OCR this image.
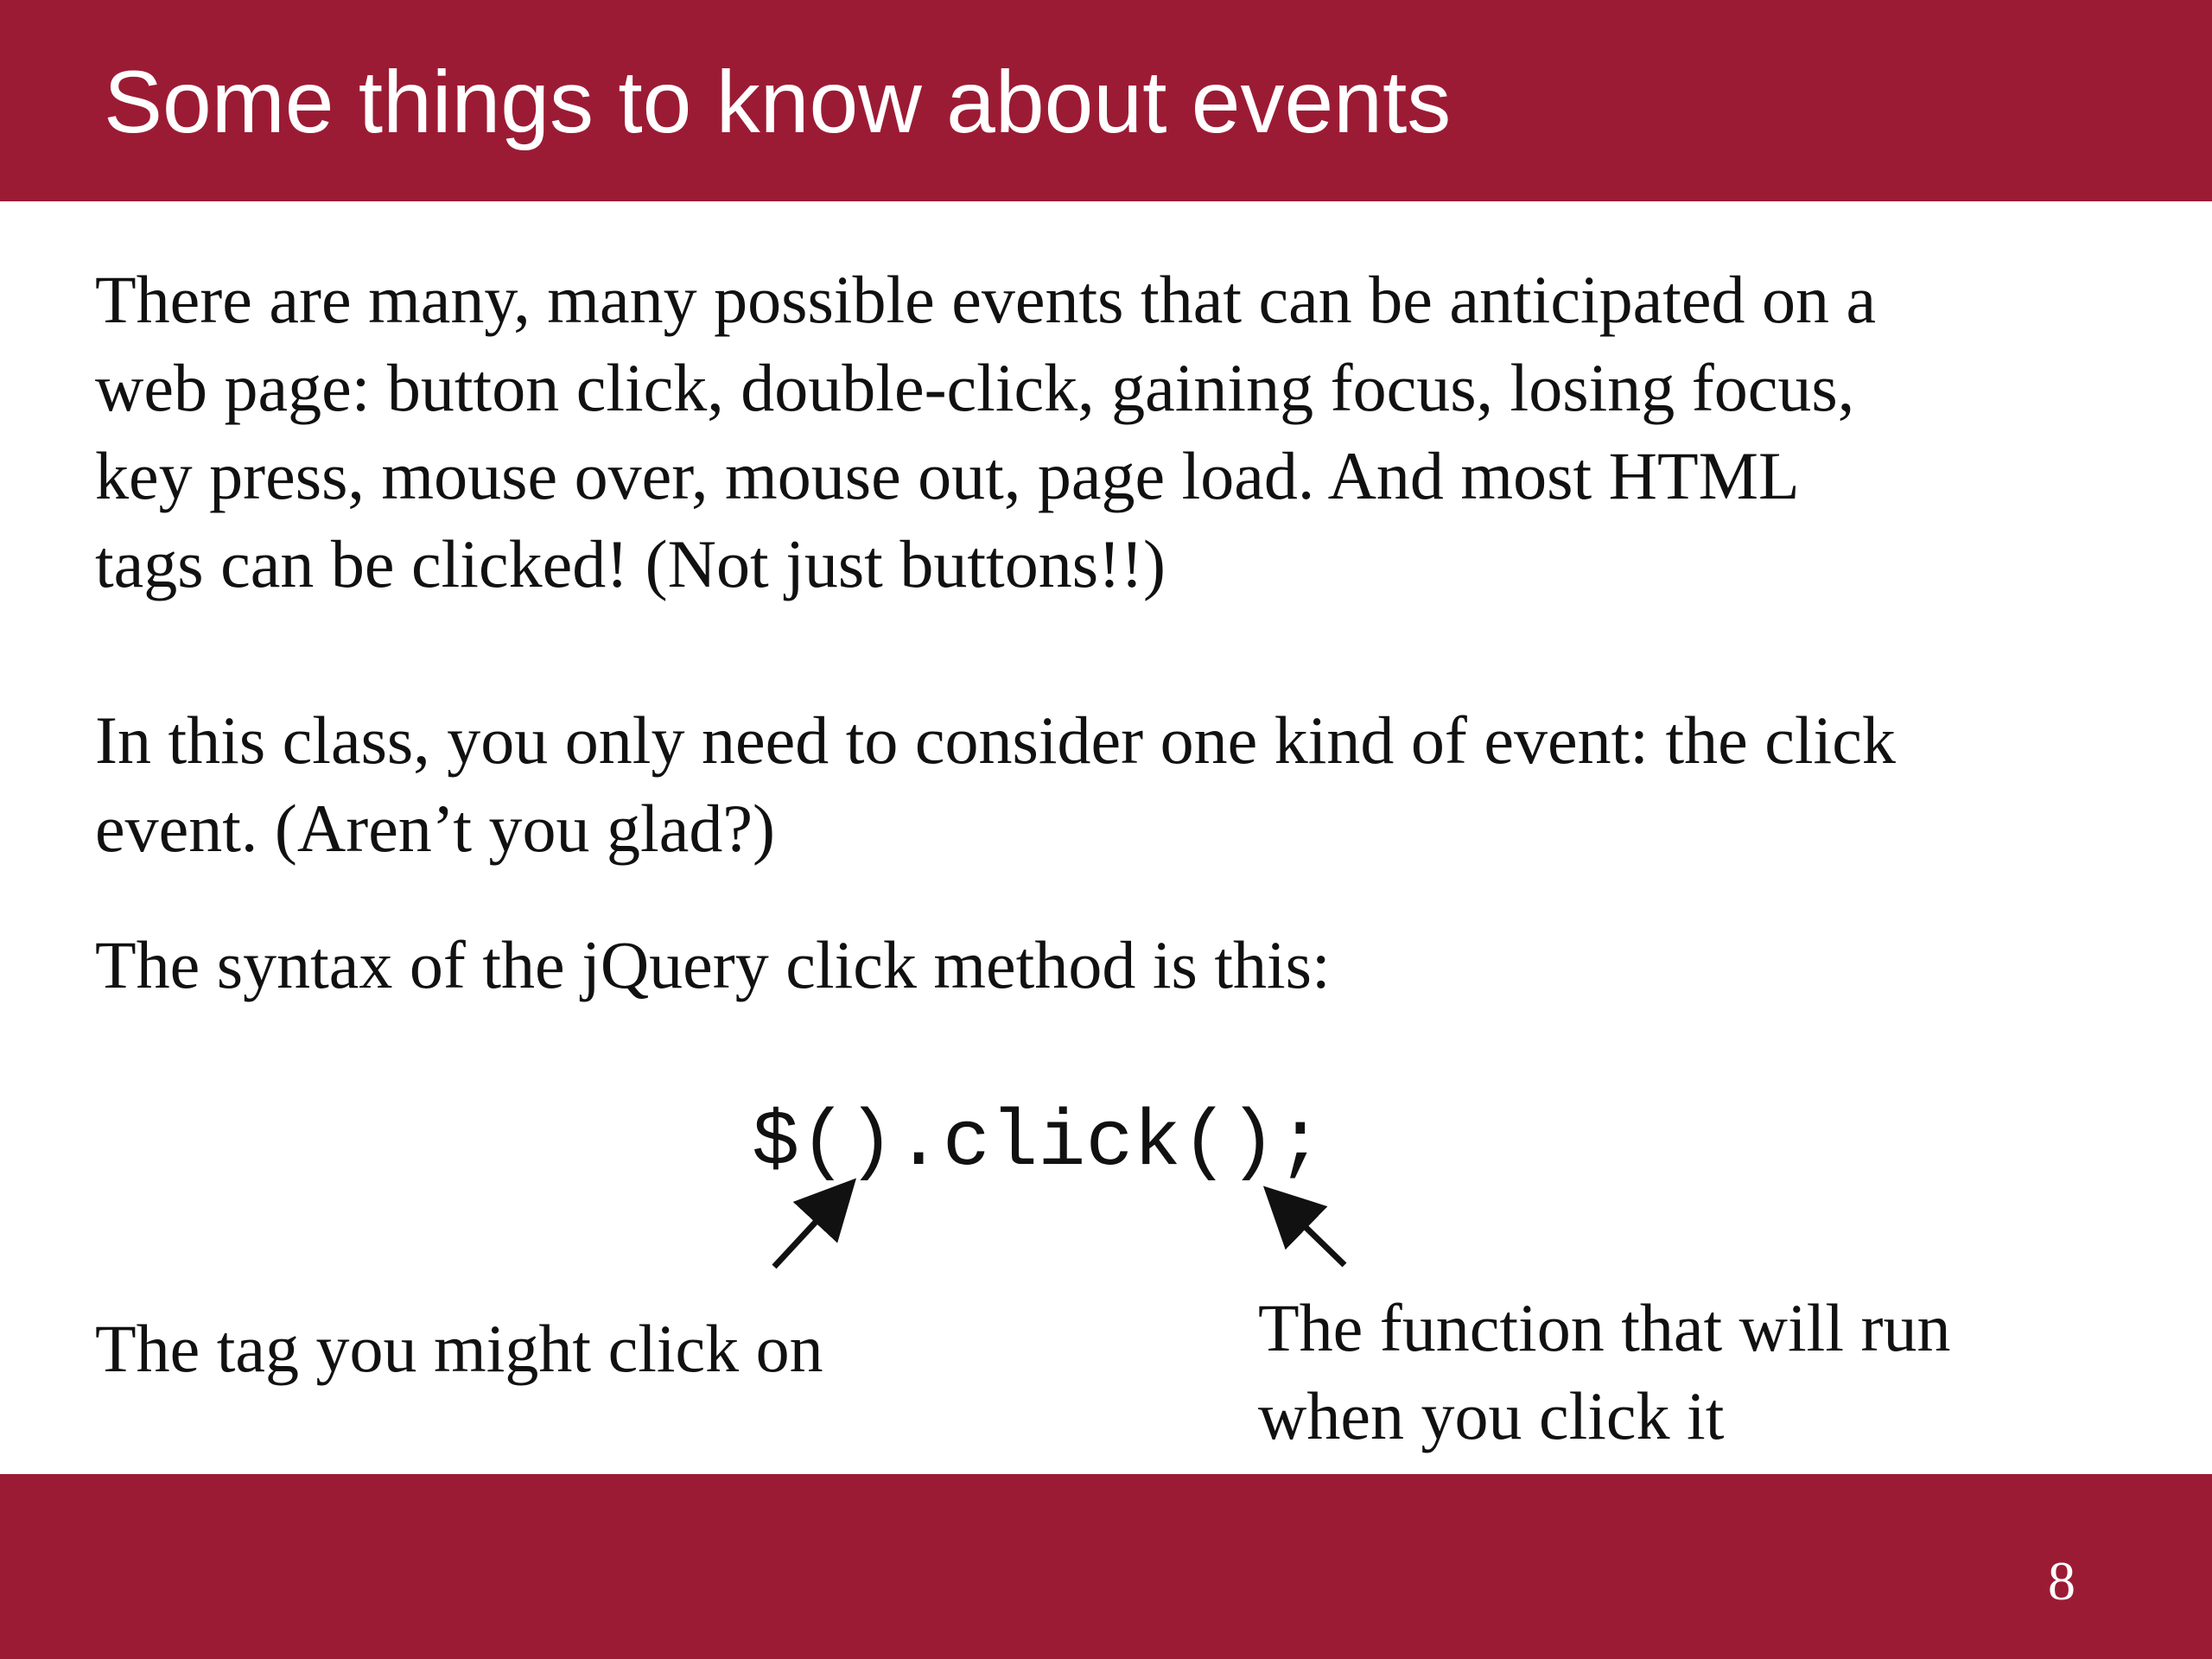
Some things to know about events

There are many, many possible events that can be anticipated on a
web page: button click, double-click, gaining focus, losing focus,
key press, mouse over, mouse out, page load. And most HTML
tags can be clicked! (Not just buttons!!)

In this class, you only need to consider one kind of event: the click
event. (Aren’t you glad?)

The syntax of the jQuery click method is this:

$().click();

The tag you might click on	The function that will run
when you click it

8
